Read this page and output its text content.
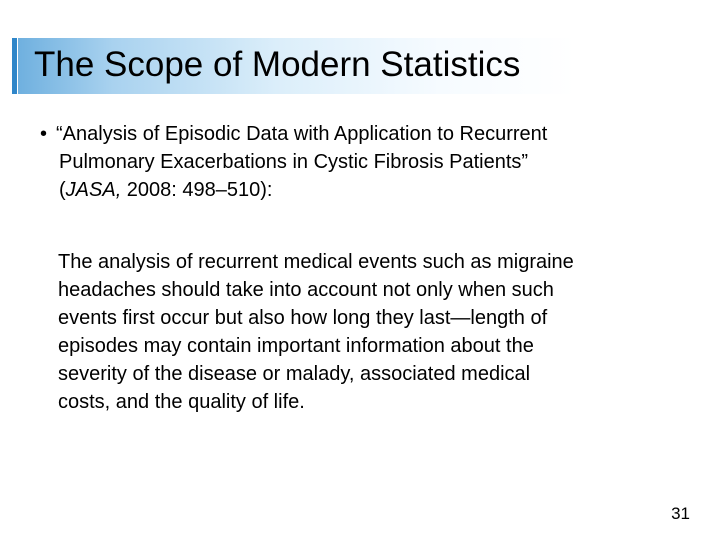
The Scope of Modern Statistics
• “Analysis of Episodic Data with Application to Recurrent
Pulmonary Exacerbations in Cystic Fibrosis Patients”
(JASA, 2008: 498–510):
The analysis of recurrent medical events such as migraine
headaches should take into account not only when such
events first occur but also how long they last—length of
episodes may contain important information about the
severity of the disease or malady, associated medical
costs, and the quality of life.
31
